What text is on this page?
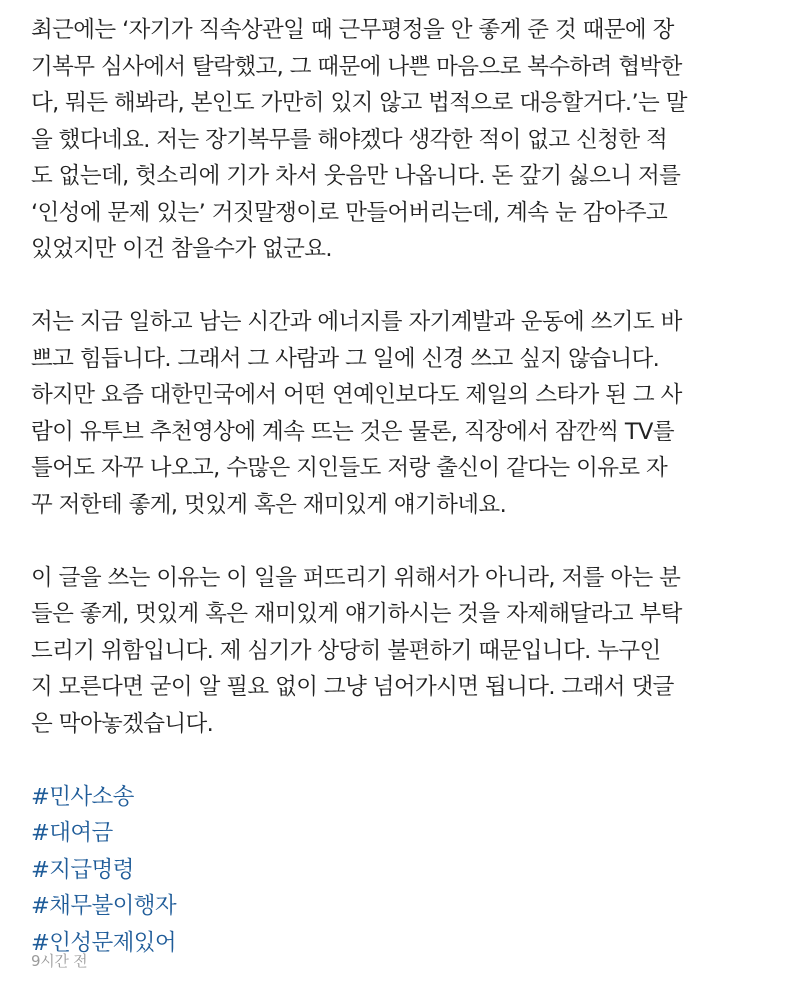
최근에는 ‘자기가 직속상관일 때 근무평정을 안 좋게 준 것 때문에 장
기복무 심사에서 탈락했고, 그 때문에 나쁜 마음으로 복수하려 협박한
다, 뭐든 해봐라, 본인도 가만히 있지 않고 법적으로 대응할거다.’는 말
을 했다네요. 저는 장기복무를 해야겠다 생각한 적이 없고 신청한 적
도 없는데, 헛소리에 기가 차서 웃음만 나옵니다. 돈 갚기 싫으니 저를
‘인성에 문제 있는’ 거짓말쟁이로 만들어버리는데, 계속 눈 감아주고
있었지만 이건 참을수가 없군요.
저는 지금 일하고 남는 시간과 에너지를 자기계발과 운동에 쓰기도 바
쁘고 힘듭니다. 그래서 그 사람과 그 일에 신경 쓰고 싶지 않습니다.
하지만 요즘 대한민국에서 어떤 연예인보다도 제일의 스타가 된 그 사
람이 유투브 추천영상에 계속 뜨는 것은 물론, 직장에서 잠깐씩 TV를
틀어도 자꾸 나오고, 수많은 지인들도 저랑 출신이 같다는 이유로 자
꾸 저한테 좋게, 멋있게 혹은 재미있게 얘기하네요.
이 글을 쓰는 이유는 이 일을 퍼뜨리기 위해서가 아니라, 저를 아는 분
들은 좋게, 멋있게 혹은 재미있게 얘기하시는 것을 자제해달라고 부탁
드리기 위함입니다. 제 심기가 상당히 불편하기 때문입니다. 누구인
지 모른다면 굳이 알 필요 없이 그냥 넘어가시면 됩니다. 그래서 댓글
은 막아놓겠습니다.
#민사소송
#대여금
#지급명령
#채무불이행자
#인성문제있어
9시간 전
